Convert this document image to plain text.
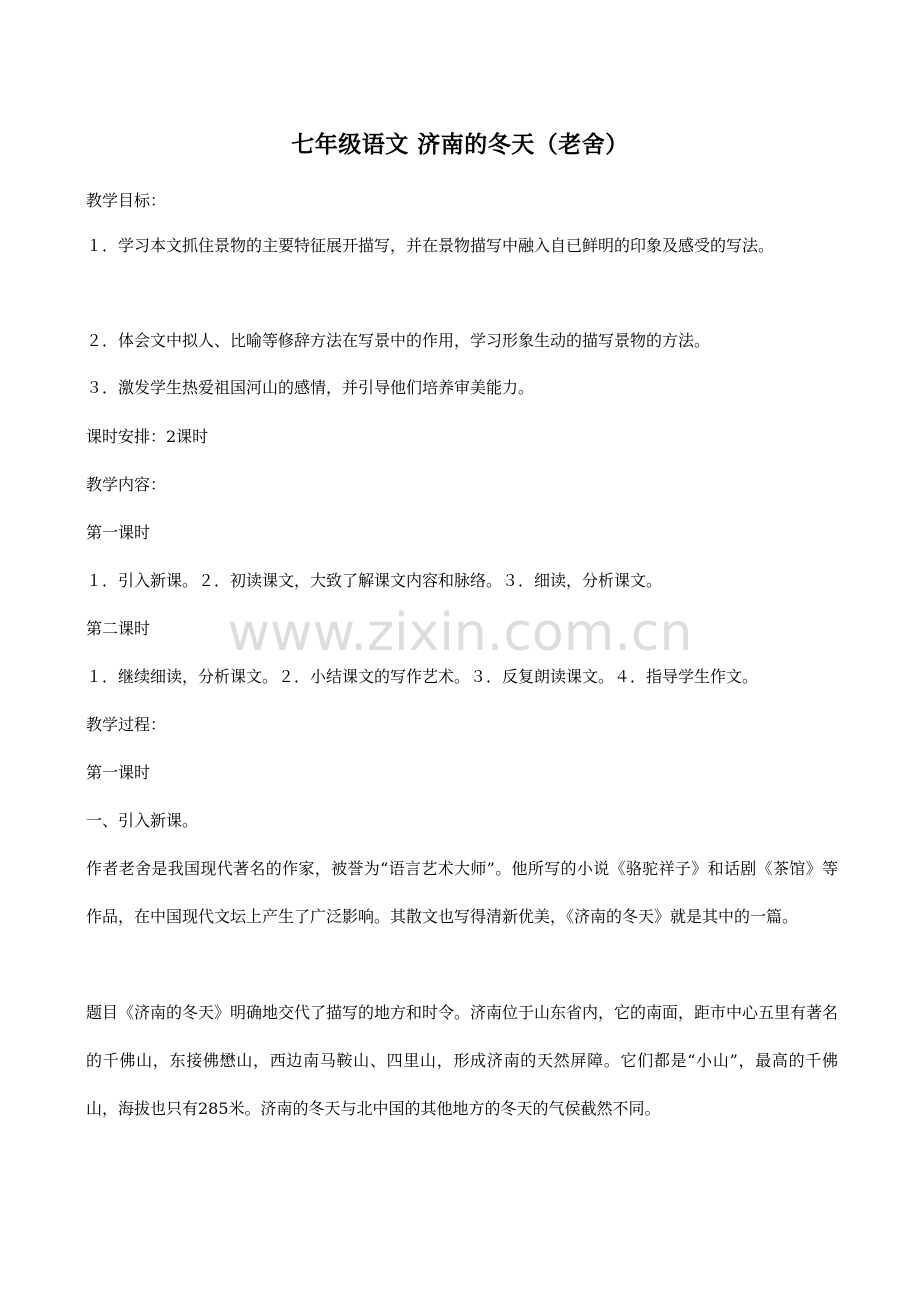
七年级语文 济南的冬天（老舍）
教学目标：
１．学习本文抓住景物的主要特征展开描写，并在景物描写中融入自已鲜明的印象及感受的写法。
２．体会文中拟人、比喻等修辞方法在写景中的作用，学习形象生动的描写景物的方法。
３．激发学生热爱祖国河山的感情，并引导他们培养审美能力。
课时安排：2课时
教学内容：
第一课时
１．引入新课。２．初读课文，大致了解课文内容和脉络。３．细读，分析课文。
第二课时
１．继续细读，分析课文。２．小结课文的写作艺术。３．反复朗读课文。４．指导学生作文。
教学过程：
第一课时
一、引入新课。
作者老舍是我国现代著名的作家，被誉为“语言艺术大师”。他所写的小说《骆驼祥子》和话剧《茶馆》等作品，在中国现代文坛上产生了广泛影响。其散文也写得清新优美，《济南的冬天》就是其中的一篇。
题目《济南的冬天》明确地交代了描写的地方和时令。济南位于山东省内，它的南面，距市中心五里有著名的千佛山，东接佛懋山，西边南马鞍山、四里山，形成济南的天然屏障。它们都是“小山”，最高的千佛山，海拔也只有285米。济南的冬天与北中国的其他地方的冬天的气侯截然不同。
www.zixin.com.cn
